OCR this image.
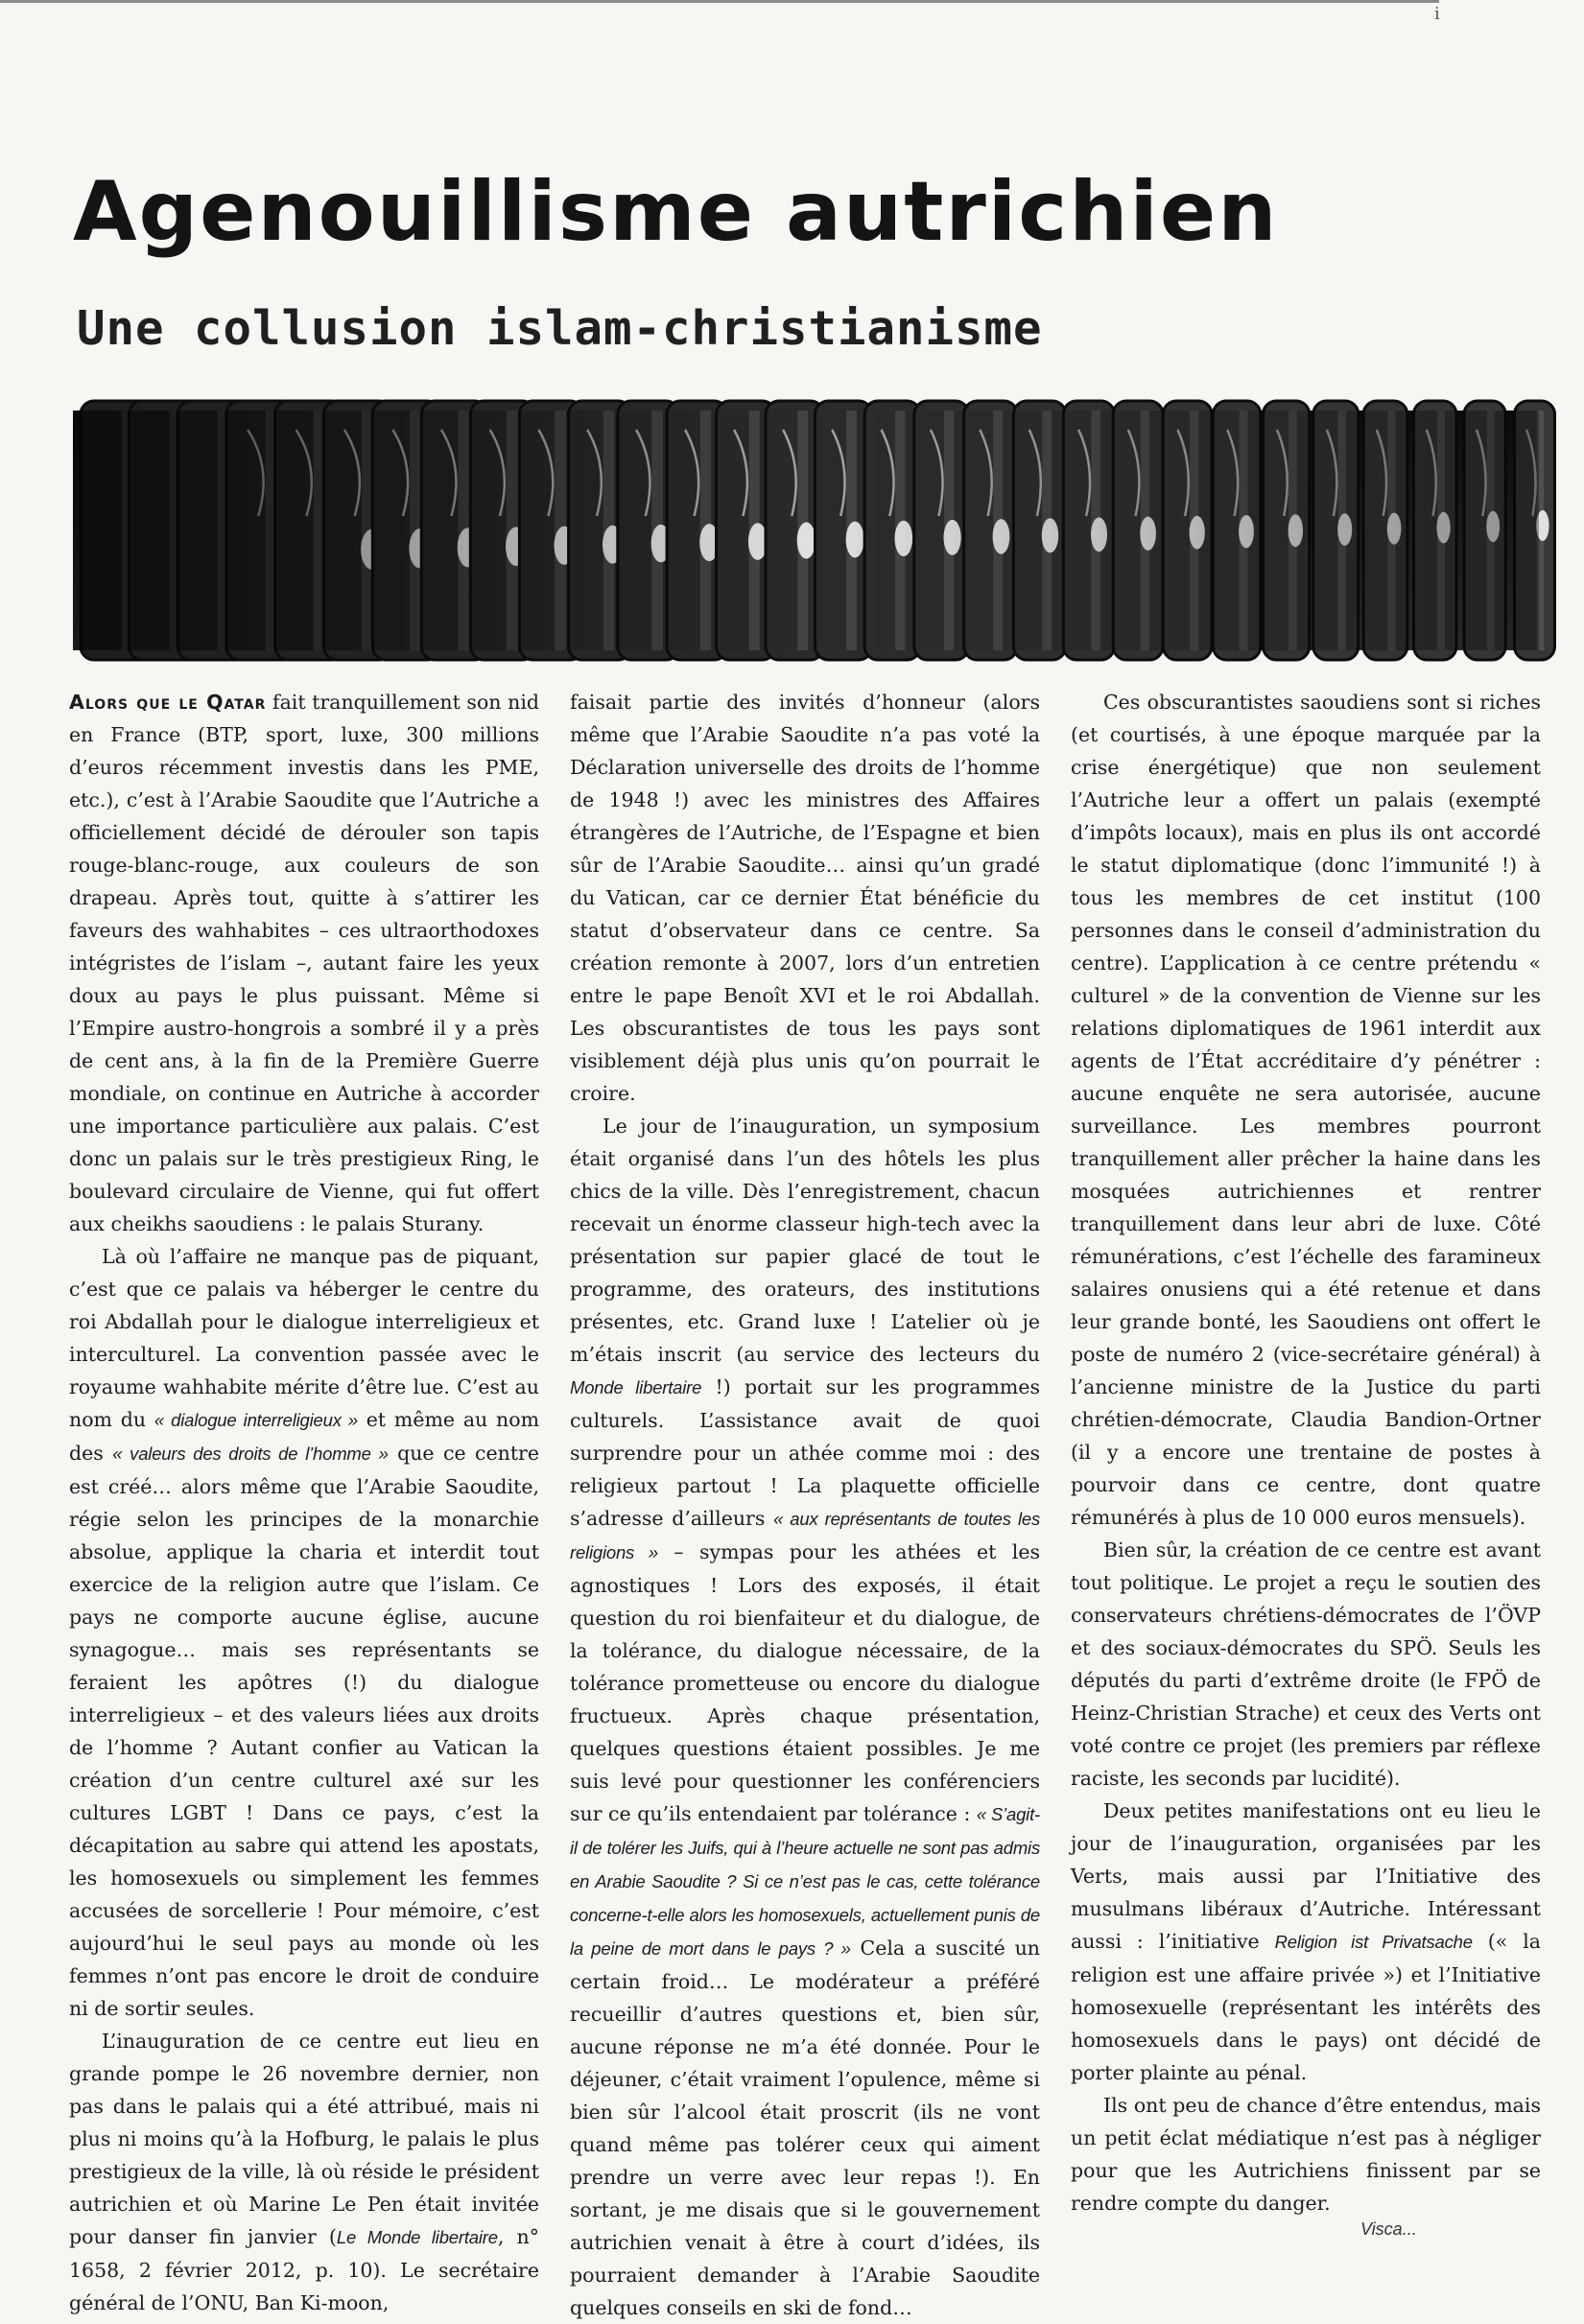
i
Agenouillisme autrichien
Une collusion islam-christianisme

Alors que le Qatar fait tranquillement son nid en France (BTP, sport, luxe, 300 millions d’euros récemment investis dans les PME, etc.), c’est à l’Arabie Saoudite que l’Autriche a officiellement décidé de dérouler son tapis rouge-blanc-rouge, aux couleurs de son drapeau. Après tout, quitte à s’attirer les faveurs des wahhabites – ces ultraorthodoxes intégristes de l’islam –, autant faire les yeux doux au pays le plus puissant. Même si l’Empire austro-hongrois a sombré il y a près de cent ans, à la fin de la Première Guerre mondiale, on continue en Autriche à accorder une importance particulière aux palais. C’est donc un palais sur le très prestigieux Ring, le boulevard circulaire de Vienne, qui fut offert aux cheikhs saoudiens : le palais Sturany.

Là où l’affaire ne manque pas de piquant, c’est que ce palais va héberger le centre du roi Abdallah pour le dialogue interreligieux et interculturel. La convention passée avec le royaume wahhabite mérite d’être lue. C’est au nom du « dialogue interreligieux » et même au nom des « valeurs des droits de l’homme » que ce centre est créé… alors même que l’Arabie Saoudite, régie selon les principes de la monarchie absolue, applique la charia et interdit tout exercice de la religion autre que l’islam. Ce pays ne comporte aucune église, aucune synagogue… mais ses représentants se feraient les apôtres (!) du dialogue interreligieux – et des valeurs liées aux droits de l’homme ? Autant confier au Vatican la création d’un centre culturel axé sur les cultures LGBT ! Dans ce pays, c’est la décapitation au sabre qui attend les apostats, les homosexuels ou simplement les femmes accusées de sorcellerie ! Pour mémoire, c’est aujourd’hui le seul pays au monde où les femmes n’ont pas encore le droit de conduire ni de sortir seules.

L’inauguration de ce centre eut lieu en grande pompe le 26 novembre dernier, non pas dans le palais qui a été attribué, mais ni plus ni moins qu’à la Hofburg, le palais le plus prestigieux de la ville, là où réside le président autrichien et où Marine Le Pen était invitée pour danser fin janvier (Le Monde libertaire, n° 1658, 2 février 2012, p. 10). Le secrétaire général de l’ONU, Ban Ki-moon,

faisait partie des invités d’honneur (alors même que l’Arabie Saoudite n’a pas voté la Déclaration universelle des droits de l’homme de 1948 !) avec les ministres des Affaires étrangères de l’Autriche, de l’Espagne et bien sûr de l’Arabie Saoudite… ainsi qu’un gradé du Vatican, car ce dernier État bénéficie du statut d’observateur dans ce centre. Sa création remonte à 2007, lors d’un entretien entre le pape Benoît XVI et le roi Abdallah. Les obscurantistes de tous les pays sont visiblement déjà plus unis qu’on pourrait le croire.

Le jour de l’inauguration, un symposium était organisé dans l’un des hôtels les plus chics de la ville. Dès l’enregistrement, chacun recevait un énorme classeur high-tech avec la présentation sur papier glacé de tout le programme, des orateurs, des institutions présentes, etc. Grand luxe ! L’atelier où je m’étais inscrit (au service des lecteurs du Monde libertaire !) portait sur les programmes culturels. L’assistance avait de quoi surprendre pour un athée comme moi : des religieux partout ! La plaquette officielle s’adresse d’ailleurs « aux représentants de toutes les religions » – sympas pour les athées et les agnostiques ! Lors des exposés, il était question du roi bienfaiteur et du dialogue, de la tolérance, du dialogue nécessaire, de la tolérance prometteuse ou encore du dialogue fructueux. Après chaque présentation, quelques questions étaient possibles. Je me suis levé pour questionner les conférenciers sur ce qu’ils entendaient par tolérance : « S’agit-il de tolérer les Juifs, qui à l’heure actuelle ne sont pas admis en Arabie Saoudite ? Si ce n’est pas le cas, cette tolérance concerne-t-elle alors les homosexuels, actuellement punis de la peine de mort dans le pays ? » Cela a suscité un certain froid… Le modérateur a préféré recueillir d’autres questions et, bien sûr, aucune réponse ne m’a été donnée. Pour le déjeuner, c’était vraiment l’opulence, même si bien sûr l’alcool était proscrit (ils ne vont quand même pas tolérer ceux qui aiment prendre un verre avec leur repas !). En sortant, je me disais que si le gouvernement autrichien venait à être à court d’idées, ils pourraient demander à l’Arabie Saoudite quelques conseils en ski de fond…

Ces obscurantistes saoudiens sont si riches (et courtisés, à une époque marquée par la crise énergétique) que non seulement l’Autriche leur a offert un palais (exempté d’impôts locaux), mais en plus ils ont accordé le statut diplomatique (donc l’immunité !) à tous les membres de cet institut (100 personnes dans le conseil d’administration du centre). L’application à ce centre prétendu « culturel » de la convention de Vienne sur les relations diplomatiques de 1961 interdit aux agents de l’État accréditaire d’y pénétrer : aucune enquête ne sera autorisée, aucune surveillance. Les membres pourront tranquillement aller prêcher la haine dans les mosquées autrichiennes et rentrer tranquillement dans leur abri de luxe. Côté rémunérations, c’est l’échelle des faramineux salaires onusiens qui a été retenue et dans leur grande bonté, les Saoudiens ont offert le poste de numéro 2 (vice-secrétaire général) à l’ancienne ministre de la Justice du parti chrétien-démocrate, Claudia Bandion-Ortner (il y a encore une trentaine de postes à pourvoir dans ce centre, dont quatre rémunérés à plus de 10 000 euros mensuels).

Bien sûr, la création de ce centre est avant tout politique. Le projet a reçu le soutien des conservateurs chrétiens-démocrates de l’ÖVP et des sociaux-démocrates du SPÖ. Seuls les députés du parti d’extrême droite (le FPÖ de Heinz-Christian Strache) et ceux des Verts ont voté contre ce projet (les premiers par réflexe raciste, les seconds par lucidité).

Deux petites manifestations ont eu lieu le jour de l’inauguration, organisées par les Verts, mais aussi par l’Initiative des musulmans libéraux d’Autriche. Intéressant aussi : l’initiative Religion ist Privatsache (« la religion est une affaire privée ») et l’Initiative homosexuelle (représentant les intérêts des homosexuels dans le pays) ont décidé de porter plainte au pénal.

Ils ont peu de chance d’être entendus, mais un petit éclat médiatique n’est pas à négliger pour que les Autrichiens finissent par se rendre compte du danger.

Visca...
